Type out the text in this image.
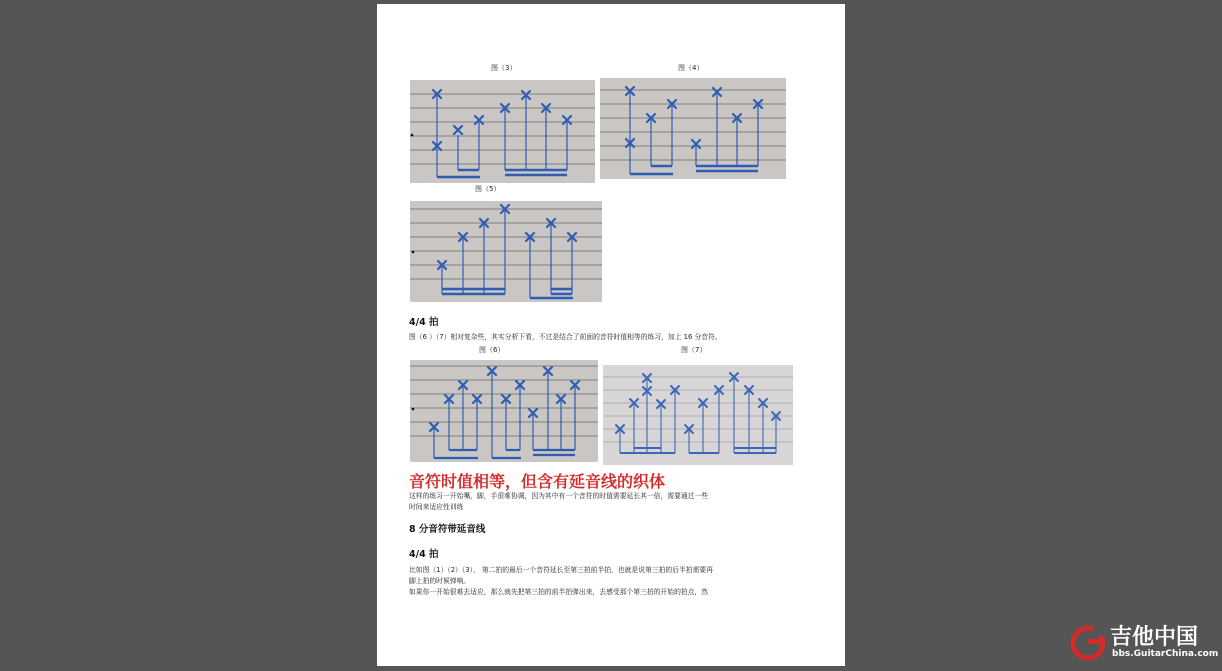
图（3）	图（4）
图（5）
4/4 拍
图（6 ）（7）相对复杂些，其实分析下看，不过是结合了前面的音符时值相等的练习，加上 16 分音符。
图（6）	图（7）
音符时值相等，但含有延音线的织体
这样的练习一开始嘴，脚，手很难协调，因为其中有一个音符的时值需要延长其一倍，需要通过一些
时间来适应性训练
8 分音符带延音线
4/4 拍
比如图（1）（2）（3）， 第二拍的最后一个音符延长至第三拍前半拍，也就是说第三拍的后半拍需要再
脚上拍的时候弹响。
如果你一开始很难去适应，那么就先把第三拍的前半拍弹出来，去感受那个第三拍的开始的拍点，然
吉他中国
bbs.GuitarChina.com
